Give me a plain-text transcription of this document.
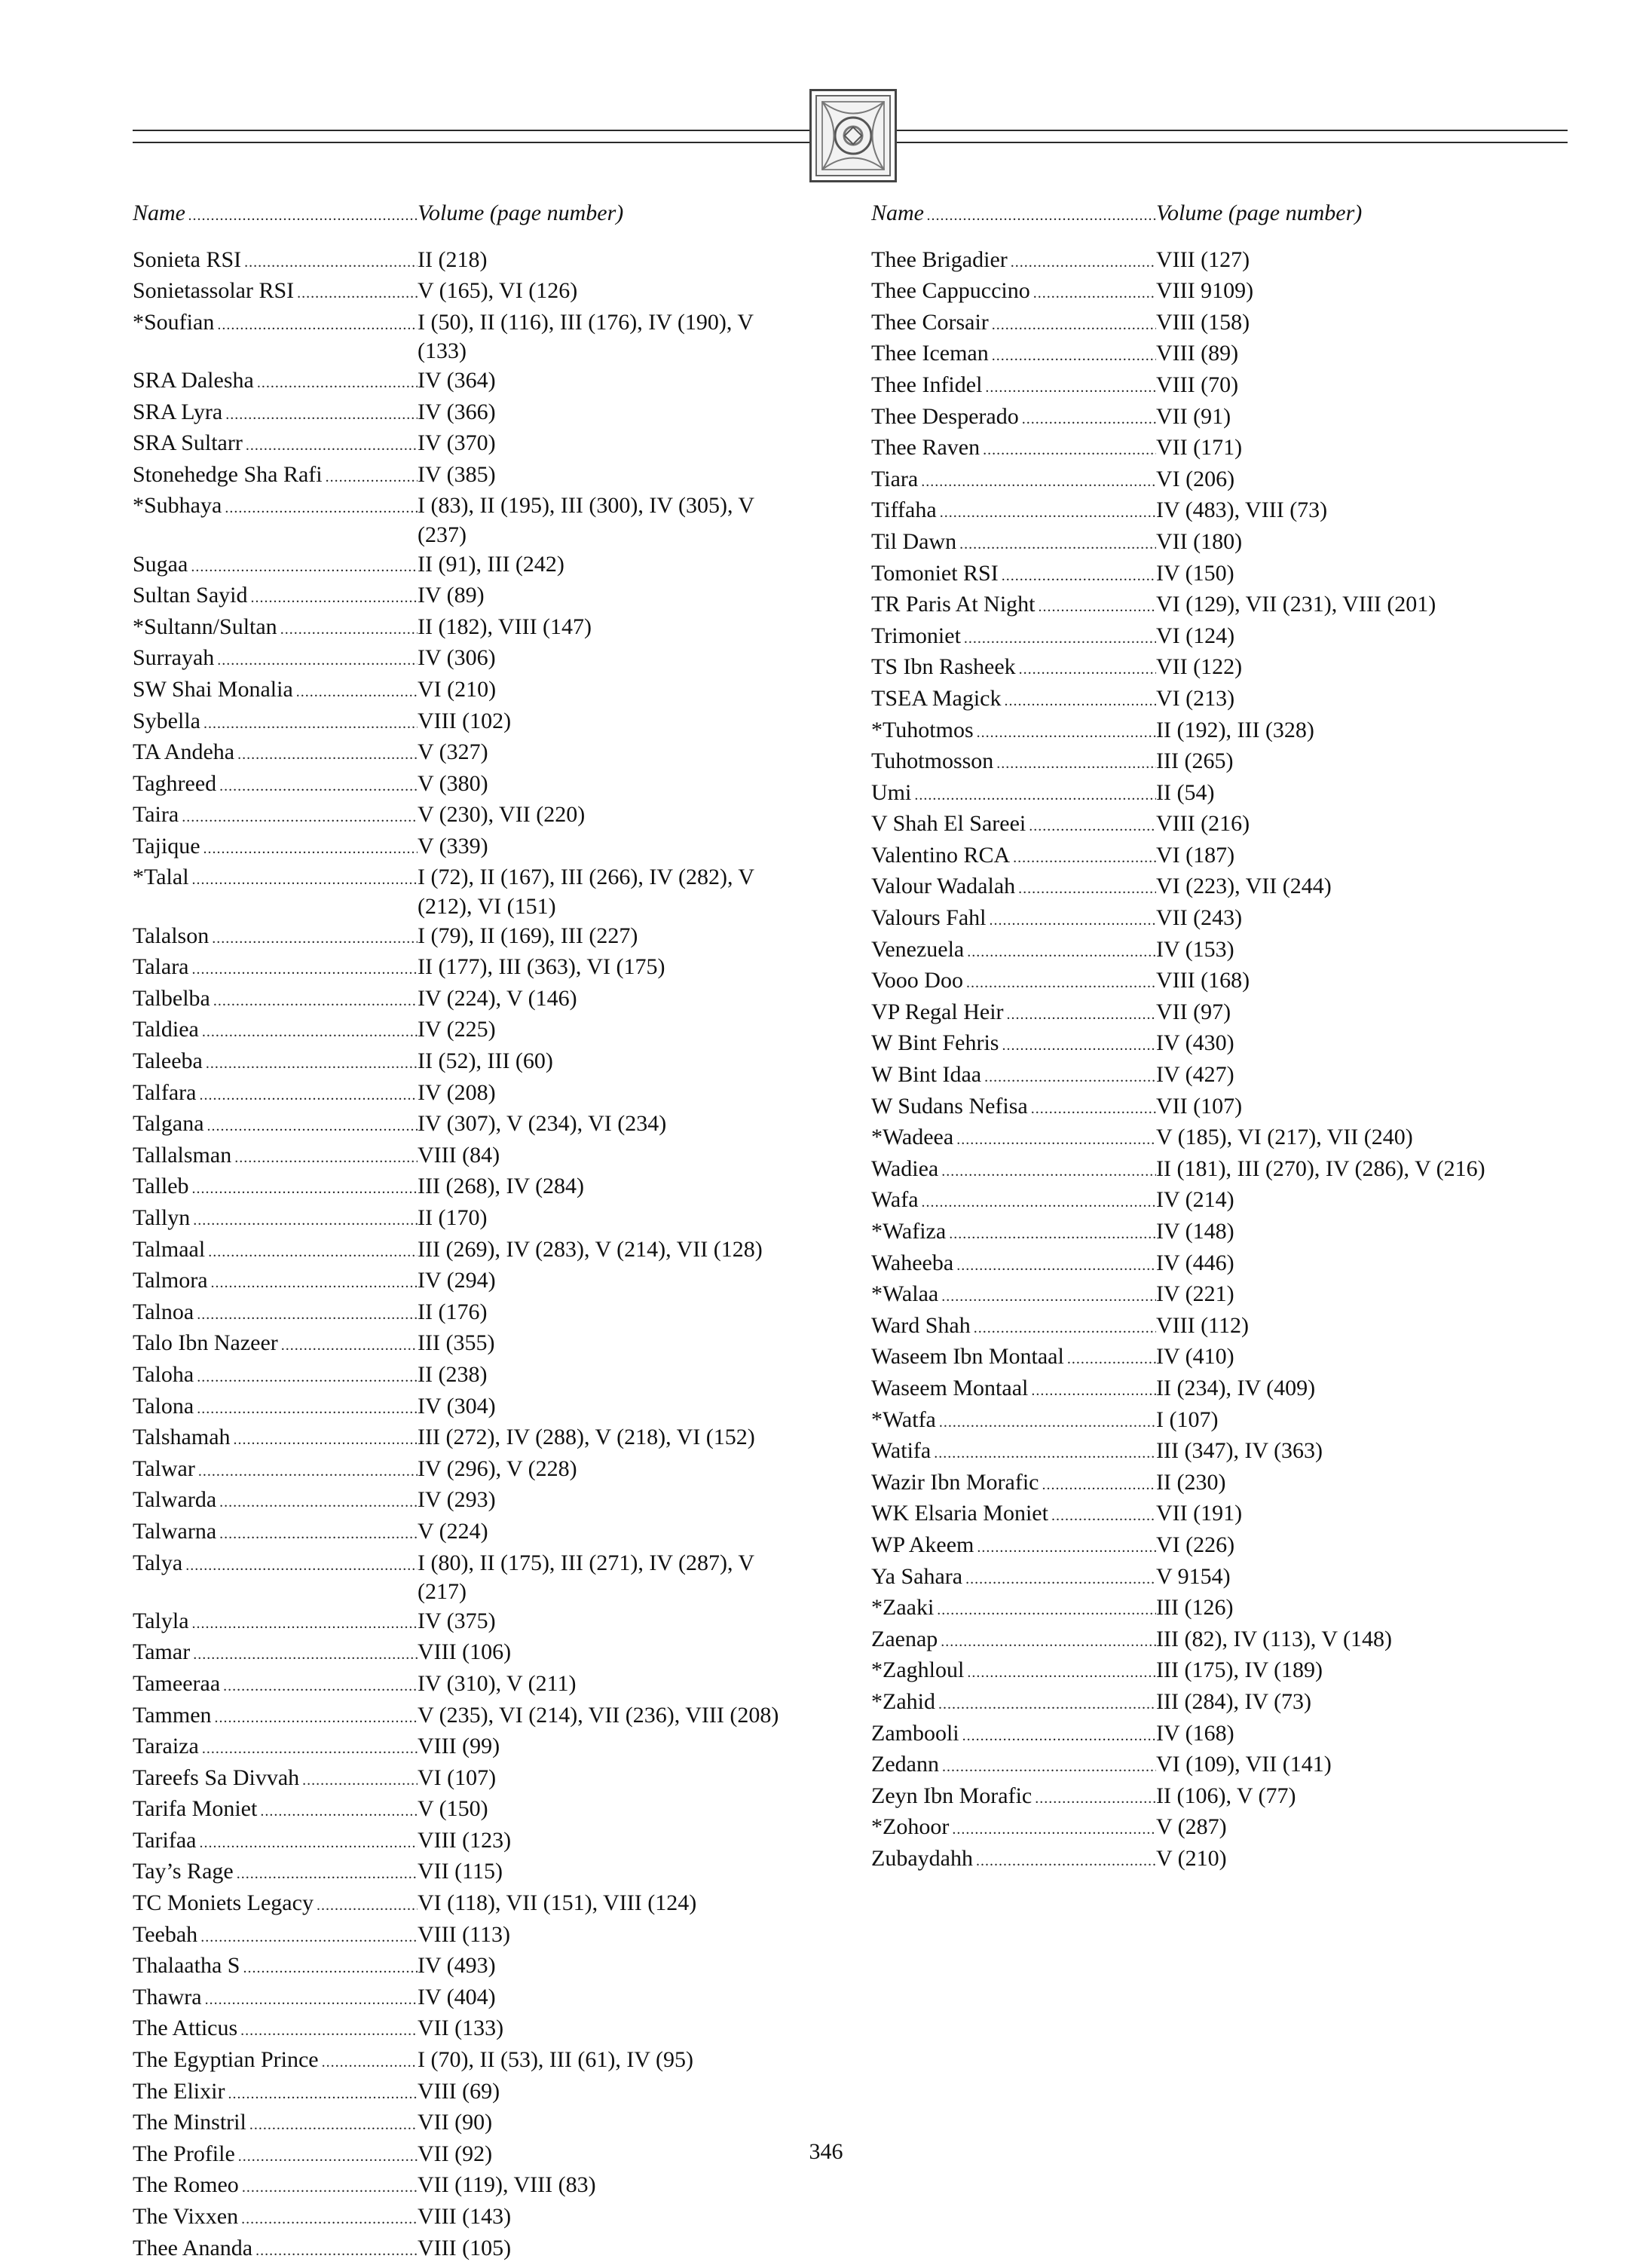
Name .....	Volume (page number)
Sonieta RSI .....	II (218)
Sonietassolar RSI .....	V (165), VI (126)
*Soufian .....	I (50), II (116), III (176), IV (190), V (133)
SRA Dalesha .....	IV (364)
SRA Lyra .....	IV (366)
SRA Sultarr .....	IV (370)
Stonehedge Sha Rafi .....	IV (385)
*Subhaya .....	I (83), II (195), III (300), IV (305), V (237)
Sugaa .....	II (91), III (242)
Sultan Sayid .....	IV (89)
*Sultann/Sultan .....	II (182), VIII (147)
Surrayah .....	IV (306)
SW Shai Monalia .....	VI (210)
Sybella .....	VIII (102)
TA Andeha .....	V (327)
Taghreed .....	V (380)
Taira .....	V (230), VII (220)
Tajique .....	V (339)
*Talal .....	I (72), II (167), III (266), IV (282), V (212), VI (151)
Talalson .....	I (79), II (169), III (227)
Talara .....	II (177), III (363), VI (175)
Talbelba .....	IV (224), V (146)
Taldiea .....	IV (225)
Taleeba .....	II (52), III (60)
Talfara .....	IV (208)
Talgana .....	IV (307), V (234), VI (234)
Tallalsman .....	VIII (84)
Talleb .....	III (268), IV (284)
Tallyn .....	II (170)
Talmaal .....	III (269), IV (283), V (214), VII (128)
Talmora .....	IV (294)
Talnoa .....	II (176)
Talo Ibn Nazeer .....	III (355)
Taloha .....	II (238)
Talona .....	IV (304)
Talshamah .....	III (272), IV (288), V (218), VI (152)
Talwar .....	IV (296), V (228)
Talwarda .....	IV (293)
Talwarna .....	V (224)
Talya .....	I (80), II (175), III (271), IV (287), V (217)
Talyla .....	IV (375)
Tamar .....	VIII (106)
Tameeraa .....	IV (310), V (211)
Tammen .....	V (235), VI (214), VII (236), VIII (208)
Taraiza .....	VIII (99)
Tareefs Sa Divvah .....	VI (107)
Tarifa Moniet .....	V (150)
Tarifaa .....	VIII (123)
Tay’s Rage .....	VII (115)
TC Moniets Legacy .....	VI (118), VII (151), VIII (124)
Teebah .....	VIII (113)
Thalaatha S .....	IV (493)
Thawra .....	IV (404)
The Atticus .....	VII (133)
The Egyptian Prince .....	I (70), II (53), III (61), IV (95)
The Elixir .....	VIII (69)
The Minstril .....	VII (90)
The Profile .....	VII (92)
The Romeo .....	VII (119), VIII (83)
The Vixxen .....	VIII (143)
Thee Ananda .....	VIII (105)
Name .....	Volume (page number)
Thee Brigadier .....	VIII (127)
Thee Cappuccino .....	VIII 9109)
Thee Corsair .....	VIII (158)
Thee Iceman .....	VIII (89)
Thee Infidel .....	VIII (70)
Thee Desperado .....	VII (91)
Thee Raven .....	VII (171)
Tiara .....	VI (206)
Tiffaha .....	IV (483), VIII (73)
Til Dawn .....	VII (180)
Tomoniet RSI .....	IV (150)
TR Paris At Night .....	VI (129), VII (231), VIII (201)
Trimoniet .....	VI (124)
TS Ibn Rasheek .....	VII (122)
TSEA Magick .....	VI (213)
*Tuhotmos .....	II (192), III (328)
Tuhotmosson .....	III (265)
Umi .....	II (54)
V Shah El Sareei .....	VIII (216)
Valentino RCA .....	VI (187)
Valour Wadalah .....	VI (223), VII (244)
Valours Fahl .....	VII (243)
Venezuela .....	IV (153)
Vooo Doo .....	VIII (168)
VP Regal Heir .....	VII (97)
W Bint Fehris .....	IV (430)
W Bint Idaa .....	IV (427)
W Sudans Nefisa .....	VII (107)
*Wadeea .....	V (185), VI (217), VII (240)
Wadiea .....	II (181), III (270), IV (286), V (216)
Wafa .....	IV (214)
*Wafiza .....	IV (148)
Waheeba .....	IV (446)
*Walaa .....	IV (221)
Ward Shah .....	VIII (112)
Waseem Ibn Montaal .....	IV (410)
Waseem Montaal .....	II (234), IV (409)
*Watfa .....	I (107)
Watifa .....	III (347), IV (363)
Wazir Ibn Morafic .....	II (230)
WK Elsaria Moniet .....	VII (191)
WP Akeem .....	VI (226)
Ya Sahara .....	V 9154)
*Zaaki .....	III (126)
Zaenap .....	III (82), IV (113), V (148)
*Zaghloul .....	III (175), IV (189)
*Zahid .....	III (284), IV (73)
Zambooli .....	IV (168)
Zedann .....	VI (109), VII (141)
Zeyn Ibn Morafic .....	II (106), V (77)
*Zohoor .....	V (287)
Zubaydahh .....	V (210)
346
